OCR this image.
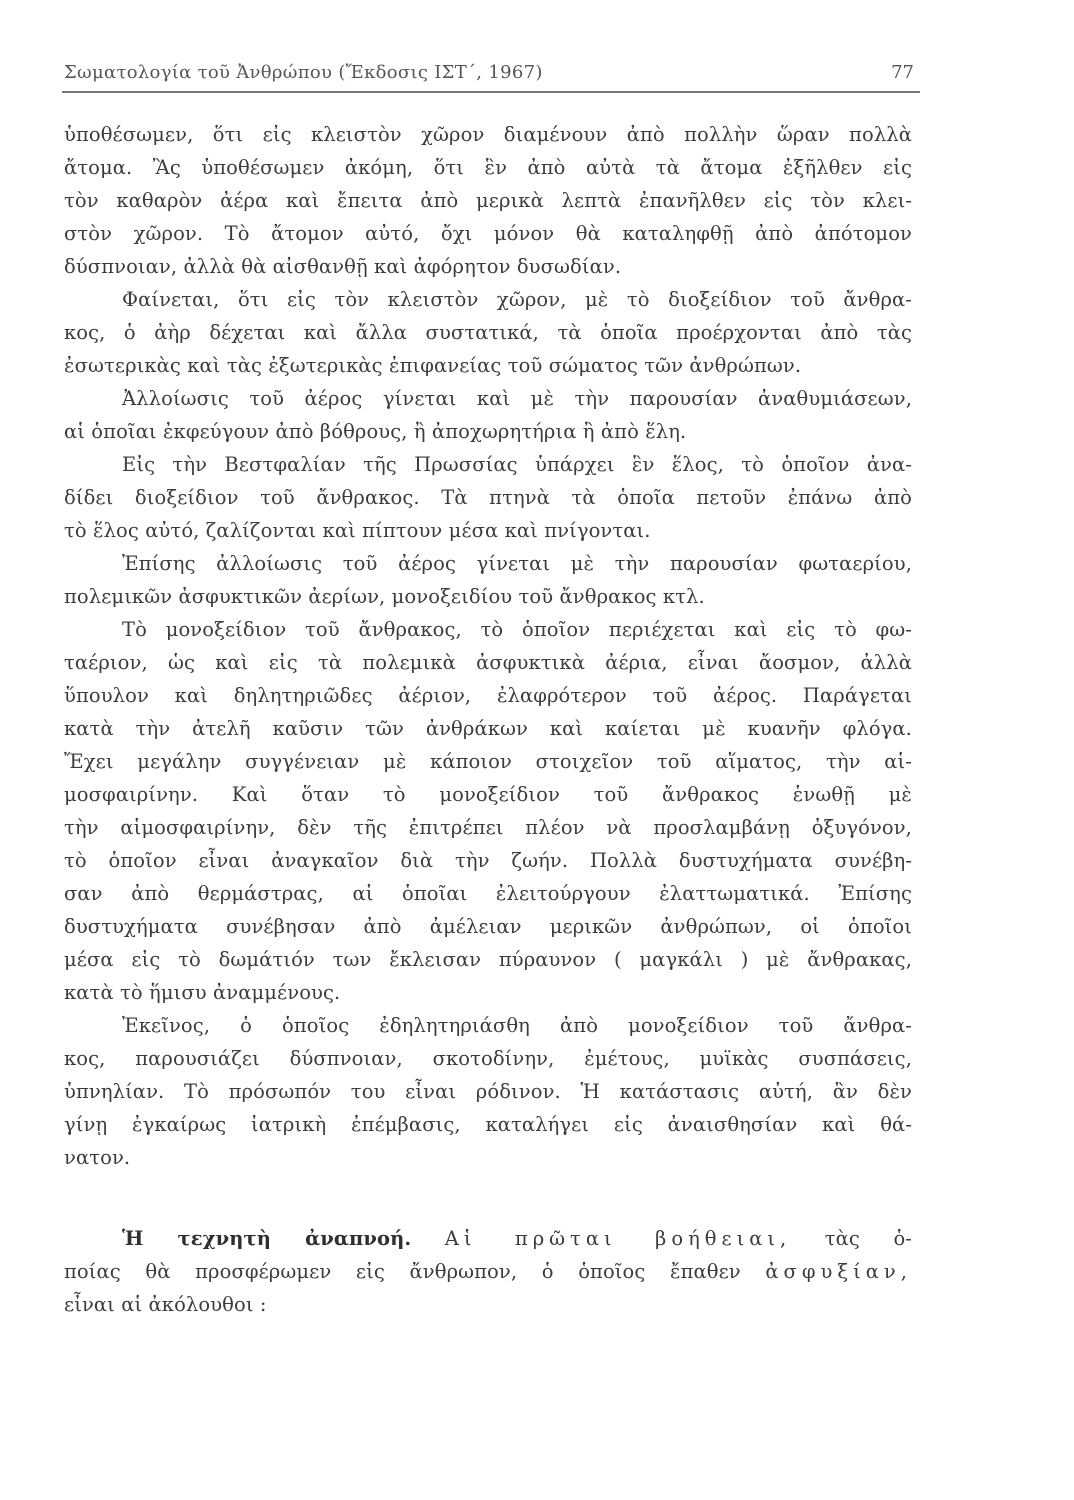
Σωματολογία τοῦ Ἀνθρώπου (Ἔκδοσις ΙΣΤ΄, 1967)	77
ὑποθέσωμεν, ὅτι εἰς κλειστὸν χῶρον διαμένουν ἀπὸ πολλὴν ὥραν πολλὰ
ἄτομα. Ἂς ὑποθέσωμεν ἀκόμη, ὅτι ἓν ἀπὸ αὐτὰ τὰ ἄτομα ἐξῆλθεν εἰς
τὸν καθαρὸν ἀέρα καὶ ἔπειτα ἀπὸ μερικὰ λεπτὰ ἐπανῆλθεν εἰς τὸν κλει-
στὸν χῶρον. Τὸ ἄτομον αὐτό, ὄχι μόνον θὰ καταληφθῇ ἀπὸ ἀπότομον
δύσπνοιαν, ἀλλὰ θὰ αἰσθανθῇ καὶ ἀφόρητον δυσωδίαν.
Φαίνεται, ὅτι εἰς τὸν κλειστὸν χῶρον, μὲ τὸ διοξείδιον τοῦ ἄνθρα-
κος, ὁ ἀὴρ δέχεται καὶ ἄλλα συστατικά, τὰ ὁποῖα προέρχονται ἀπὸ τὰς
ἐσωτερικὰς καὶ τὰς ἐξωτερικὰς ἐπιφανείας τοῦ σώματος τῶν ἀνθρώπων.
Ἀλλοίωσις τοῦ ἀέρος γίνεται καὶ μὲ τὴν παρουσίαν ἀναθυμιάσεων,
αἱ ὁποῖαι ἐκφεύγουν ἀπὸ βόθρους, ἢ ἀποχωρητήρια ἢ ἀπὸ ἕλη.
Εἰς τὴν Βεστφαλίαν τῆς Πρωσσίας ὑπάρχει ἓν ἕλος, τὸ ὁποῖον ἀνα-
δίδει διοξείδιον τοῦ ἄνθρακος. Τὰ πτηνὰ τὰ ὁποῖα πετοῦν ἐπάνω ἀπὸ
τὸ ἕλος αὐτό, ζαλίζονται καὶ πίπτουν μέσα καὶ πνίγονται.
Ἐπίσης ἀλλοίωσις τοῦ ἀέρος γίνεται μὲ τὴν παρουσίαν φωταερίου,
πολεμικῶν ἀσφυκτικῶν ἀερίων, μονοξειδίου τοῦ ἄνθρακος κτλ.
Τὸ μονοξείδιον τοῦ ἄνθρακος, τὸ ὁποῖον περιέχεται καὶ εἰς τὸ φω-
ταέριον, ὡς καὶ εἰς τὰ πολεμικὰ ἀσφυκτικὰ ἀέρια, εἶναι ἄοσμον, ἀλλὰ
ὕπουλον καὶ δηλητηριῶδες ἀέριον, ἐλαφρότερον τοῦ ἀέρος. Παράγεται
κατὰ τὴν ἀτελῆ καῦσιν τῶν ἀνθράκων καὶ καίεται μὲ κυανῆν φλόγα.
Ἔχει μεγάλην συγγένειαν μὲ κάποιον στοιχεῖον τοῦ αἵματος, τὴν αἱ-
μοσφαιρίνην. Καὶ ὅταν τὸ μονοξείδιον τοῦ ἄνθρακος ἑνωθῇ μὲ
τὴν αἱμοσφαιρίνην, δὲν τῆς ἐπιτρέπει πλέον νὰ προσλαμβάνῃ ὀξυγόνον,
τὸ ὁποῖον εἶναι ἀναγκαῖον διὰ τὴν ζωήν. Πολλὰ δυστυχήματα συνέβη-
σαν ἀπὸ θερμάστρας, αἱ ὁποῖαι ἐλειτούργουν ἐλαττωματικά. Ἐπίσης
δυστυχήματα συνέβησαν ἀπὸ ἀμέλειαν μερικῶν ἀνθρώπων, οἱ ὁποῖοι
μέσα εἰς τὸ δωμάτιόν των ἔκλεισαν πύραυνον ( μαγκάλι ) μὲ ἄνθρακας,
κατὰ τὸ ἥμισυ ἀναμμένους.
Ἐκεῖνος, ὁ ὁποῖος ἐδηλητηριάσθη ἀπὸ μονοξείδιον τοῦ ἄνθρα-
κος, παρουσιάζει δύσπνοιαν, σκοτοδίνην, ἐμέτους, μυϊκὰς συσπάσεις,
ὑπνηλίαν. Τὸ πρόσωπόν του εἶναι ρόδινον. Ἡ κατάστασις αὐτή, ἂν δὲν
γίνῃ ἐγκαίρως ἰατρικὴ ἐπέμβασις, καταλήγει εἰς ἀναισθησίαν καὶ θά-
νατον.
Ἡ τεχνητὴ ἀναπνοή. Αἱ πρῶται βοήθειαι, τὰς ὁ-
ποίας θὰ προσφέρωμεν εἰς ἄνθρωπον, ὁ ὁποῖος ἔπαθεν ἀσφυξίαν,
εἶναι αἱ ἀκόλουθοι :
